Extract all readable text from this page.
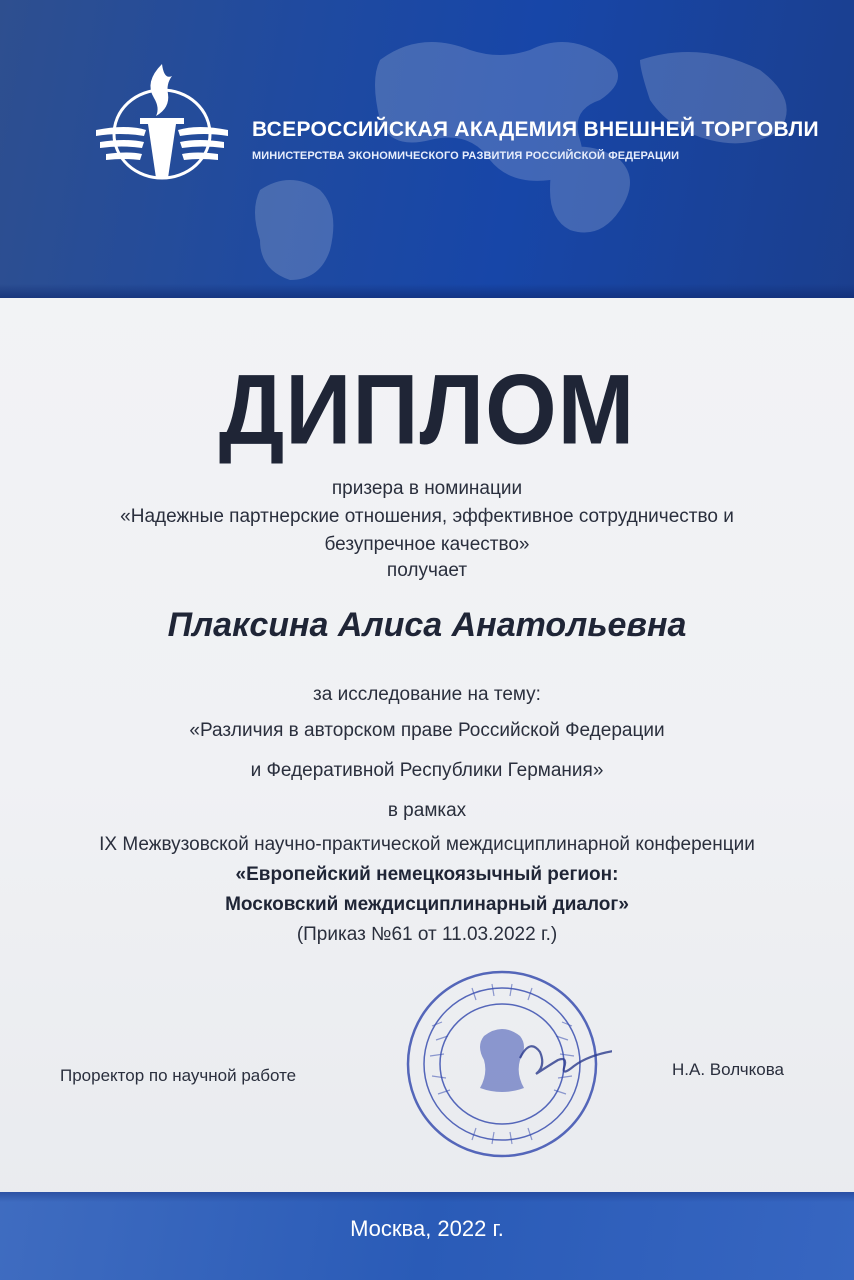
ВСЕРОССИЙСКАЯ АКАДЕМИЯ ВНЕШНЕЙ ТОРГОВЛИ
МИНИСТЕРСТВА ЭКОНОМИЧЕСКОГО РАЗВИТИЯ РОССИЙСКОЙ ФЕДЕРАЦИИ
ДИПЛОМ
призера в номинации
«Надежные партнерские отношения, эффективное сотрудничество и
безупречное качество»
получает
Плаксина Алиса Анатольевна
за исследование на тему:
«Различия в авторском праве Российской Федерации
и Федеративной Республики Германия»
в рамках
IX Межвузовской научно-практической междисциплинарной конференции
«Европейский немецкоязычный регион:
Московский междисциплинарный диалог»
(Приказ №61 от 11.03.2022 г.)
Проректор по научной работе	Н.А. Волчкова
Москва, 2022 г.
